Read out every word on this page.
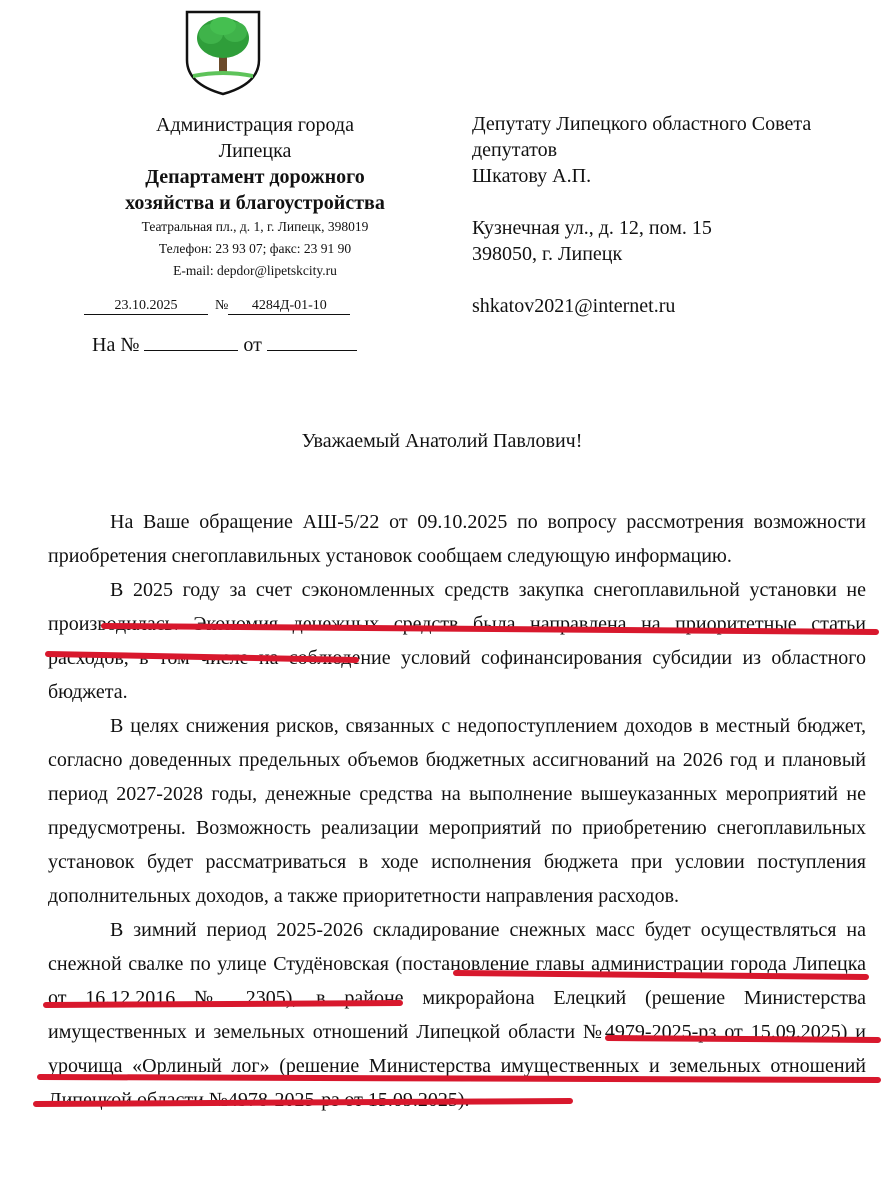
Администрация города
Липецка
Департамент дорожного
хозяйства и благоустройства
Театральная пл., д. 1, г. Липецк, 398019
Телефон: 23 93 07; факс: 23 91 90
E-mail: depdor@lipetskcity.ru
23.10.2025	№ 4284Д-01-10
На №	от
Депутату Липецкого областного Совета
депутатов
Шкатову А.П.
Кузнечная ул., д. 12, пом. 15
398050, г. Липецк
shkatov2021@internet.ru
Уважаемый Анатолий Павлович!

На Ваше обращение АШ-5/22 от 09.10.2025 по вопросу рассмотрения возможности приобретения снегоплавильных установок сообщаем следующую информацию.

В 2025 году за счет сэкономленных средств закупка снегоплавильной установки не производилась. Экономия денежных средств была направлена на приоритетные статьи расходов, в том числе на соблюдение условий софинансирования субсидии из областного бюджета.

В целях снижения рисков, связанных с недопоступлением доходов в местный бюджет, согласно доведенных предельных объемов бюджетных ассигнований на 2026 год и плановый период 2027-2028 годы, денежные средства на выполнение вышеуказанных мероприятий не предусмотрены. Возможность реализации мероприятий по приобретению снегоплавильных установок будет рассматриваться в ходе исполнения бюджета при условии поступления дополнительных доходов, а также приоритетности направления расходов.

В зимний период 2025-2026 складирование снежных масс будет осуществляться на снежной свалке по улице Студёновская (постановление главы администрации города Липецка от 16.12.2016 № 2305), в районе микрорайона Елецкий (решение Министерства имущественных и земельных отношений Липецкой области №4979-2025-рз от 15.09.2025) и урочища «Орлиный лог» (решение Министерства имущественных и земельных отношений Липецкой области №4978-2025-рз от 15.09.2025).
